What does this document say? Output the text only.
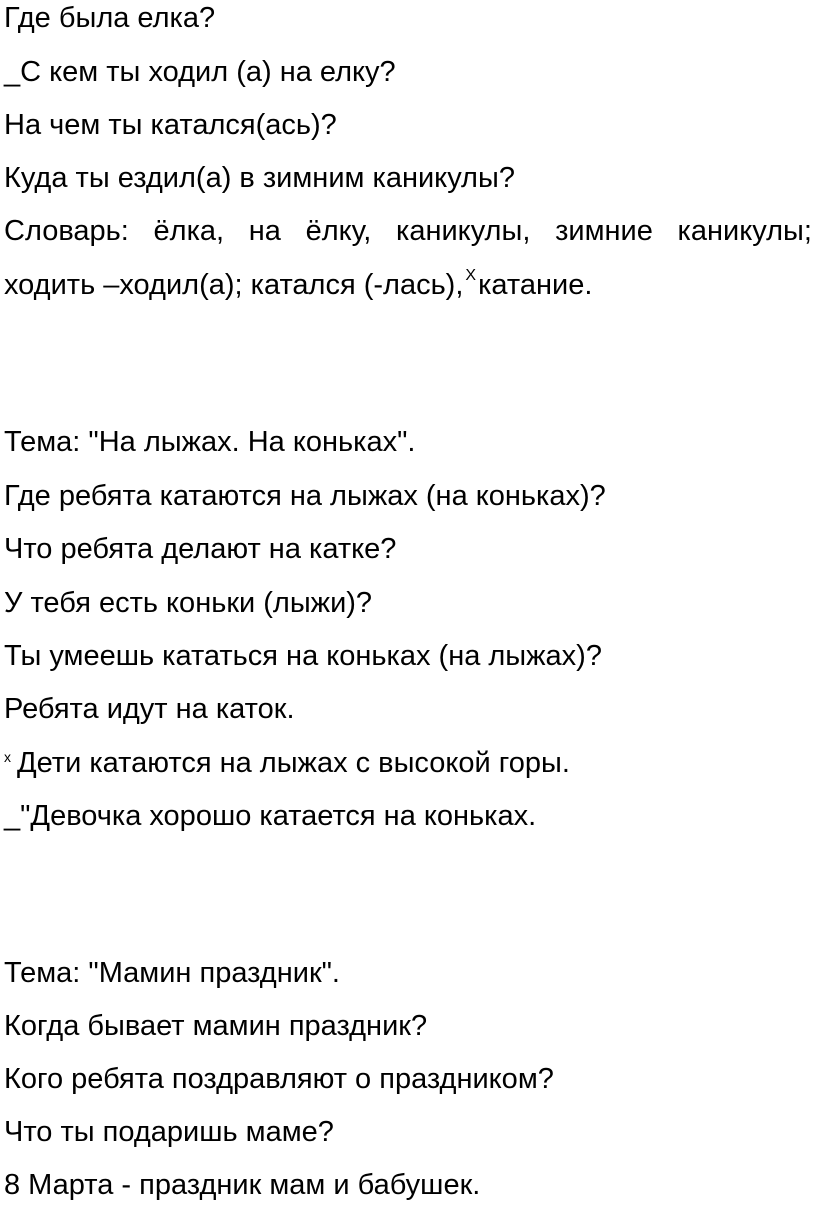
Где была елка?
_С кем ты ходил (а) на елку?
На чем ты катался(ась)?
Куда ты ездил(а) в зимним каникулы?
Словарь: ёлка, на ёлку, каникулы, зимние каникулы;
ходить –ходил(а); катался (-лась), $^X$катание.
Тема: "На лыжах. На коньках".
Где ребята катаются на лыжах (на коньках)?
Что ребята делают на катке?
У тебя есть коньки (лыжи)?
Ты умеешь кататься на коньках (на лыжах)?
Ребята идут на каток.
$^x$ Дети катаются на лыжах с высокой горы.
_"Девочка хорошо катается на коньках.
Тема: "Мамин праздник".
Когда бывает мамин праздник?
Кого ребята поздравляют о праздником?
Что ты подаришь маме?
8 Марта - праздник мам и бабушек.
